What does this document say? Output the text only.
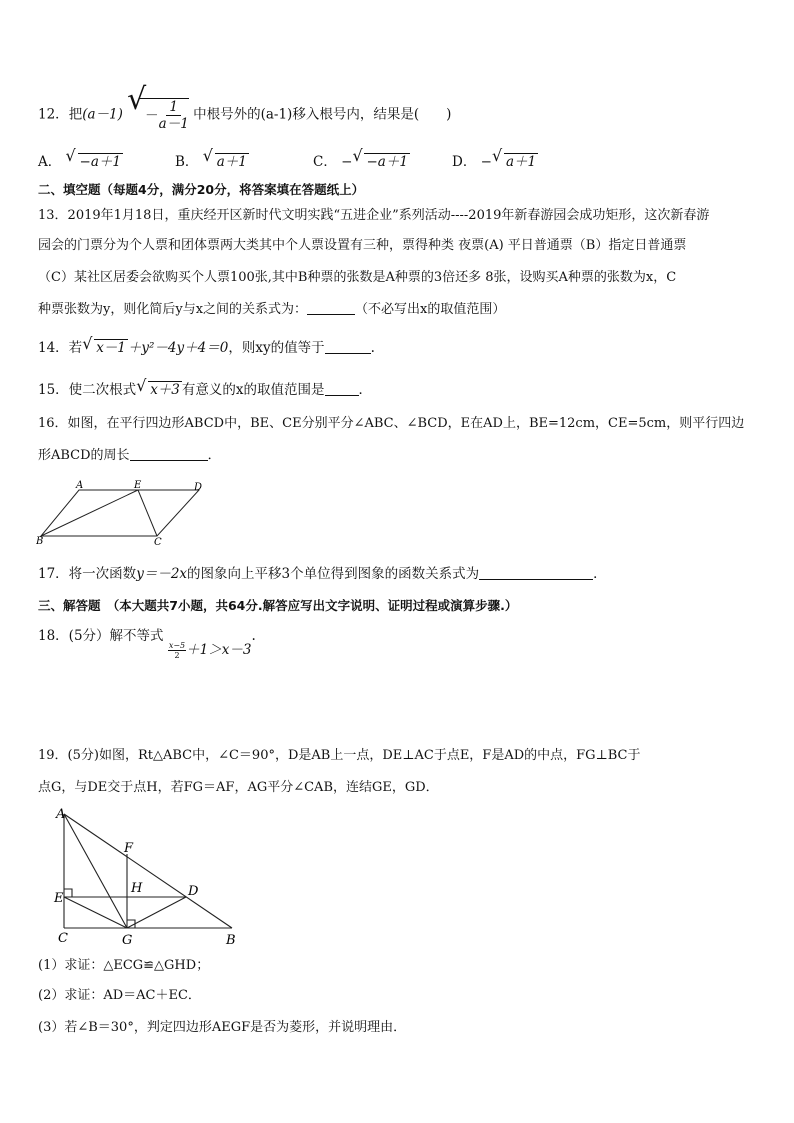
12．把(a－1) √
－ $\frac{1}{a-1}$ 中根号外的(a-1)移入根号内，结果是(　　)
A． √ −a＋1	B． √ a＋1	C． − √ −a＋1	D． − √ a＋1
二、填空题（每题4分，满分20分，将答案填在答题纸上）
13．2019年1月18日，重庆经开区新时代文明实践“五进企业”系列活动----2019年新春游园会成功矩形，这次新春游
园会的门票分为个人票和团体票两大类其中个人票设置有三种，票得种类 夜票(A) 平日普通票（B）指定日普通票
（C）某社区居委会欲购买个人票100张,其中B种票的张数是A种票的3倍还多 8张，设购买A种票的张数为x，C
种票张数为y，则化简后y与x之间的关系式为：	（不必写出x的取值范围）
14．若 √ x－1 ＋y²－4y＋4＝0，则xy的值等于	.
15．使二次根式 √ x＋3 有意义的x的取值范围是	．
16．如图，在平行四边形ABCD中，BE、CE分别平分∠ABC、∠BCD，E在AD上，BE=12cm，CE=5cm，则平行四边
形ABCD的周长	．
A	E	D
B	C
17．将一次函数y＝－2x的图象向上平移3个单位得到图象的函数关系式为	．
三、解答题　（本大题共7小题，共64分.解答应写出文字说明、证明过程或演算步骤.）
18．(5分）解不等式
$\frac{x-5}{2} +1>x-3$.
19．(5分)如图，Rt△ABC中，∠C＝90°，D是AB上一点，DE⊥AC于点E，F是AD的中点，FG⊥BC于
点G，与DE交于点H，若FG＝AF，AG平分∠CAB，连结GE，GD．
A
F
H	D
E
C	G	B
(1）求证：△ECG≌△GHD；
(2）求证：AD＝AC＋EC．
(3）若∠B＝30°，判定四边形AEGF是否为菱形，并说明理由．
